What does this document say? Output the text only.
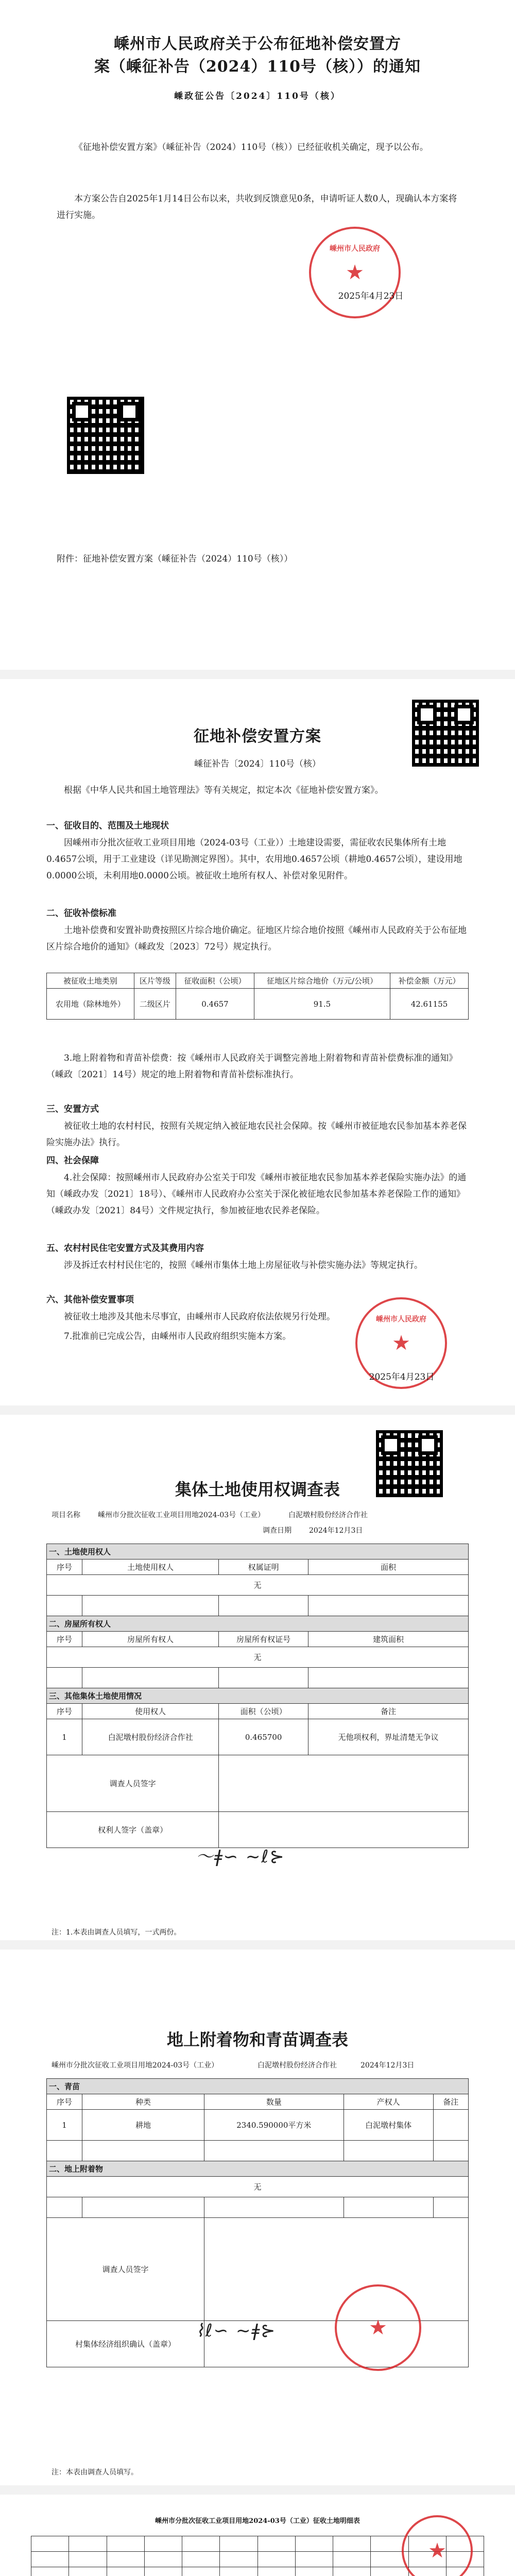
嵊州市人民政府关于公布征地补偿安置方
案（嵊征补告（2024）110号（核））的通知
嵊政征公告〔2024〕110号（核）
《征地补偿安置方案》（嵊征补告（2024）110号（核））已经征收机关确定，现予以公布。
本方案公告自2025年1月14日公布以来，共收到反馈意见0条，申请听证人数0人，现确认本方案将进行实施。
★
嵊州市人民政府
2025年4月23日
附件：征地补偿安置方案（嵊征补告（2024）110号（核））
征地补偿安置方案
嵊征补告〔2024〕110号（核）
根据《中华人民共和国土地管理法》等有关规定，拟定本次《征地补偿安置方案》。
一、征收目的、范围及土地现状
因嵊州市分批次征收工业项目用地（2024-03号（工业））土地建设需要，需征收农民集体所有土地0.4657公顷，用于工业建设（详见勘测定界图）。其中，农用地0.4657公顷（耕地0.4657公顷），建设用地0.0000公顷，未利用地0.0000公顷。被征收土地所有权人、补偿对象见附件。
二、征收补偿标准
土地补偿费和安置补助费按照区片综合地价确定。征地区片综合地价按照《嵊州市人民政府关于公布征地区片综合地价的通知》（嵊政发〔2023〕72号）规定执行。
被征收土地类别	区片等级	征收面积（公顷）	征地区片综合地价（万元/公顷）	补偿金额（万元）
农用地（除林地外）	二级区片	0.4657	91.5	42.61155
3.地上附着物和青苗补偿费：按《嵊州市人民政府关于调整完善地上附着物和青苗补偿费标准的通知》（嵊政〔2021〕14号）规定的地上附着物和青苗补偿标准执行。
三、安置方式
被征收土地的农村村民，按照有关规定纳入被征地农民社会保障。按《嵊州市被征地农民参加基本养老保险实施办法》执行。
四、社会保障
4.社会保障：按照嵊州市人民政府办公室关于印发《嵊州市被征地农民参加基本养老保险实施办法》的通知（嵊政办发〔2021〕18号）、《嵊州市人民政府办公室关于深化被征地农民参加基本养老保险工作的通知》（嵊政办发〔2021〕84号）文件规定执行，参加被征地农民养老保险。
五、农村村民住宅安置方式及其费用内容
涉及拆迁农村村民住宅的，按照《嵊州市集体土地上房屋征收与补偿实施办法》等规定执行。
六、其他补偿安置事项
被征收土地涉及其他未尽事宜，由嵊州市人民政府依法依规另行处理。
7.批准前已完成公告，由嵊州市人民政府组织实施本方案。	★
嵊州市人民政府
2025年4月23日
集体土地使用权调查表
项目名称 嵊州市分批次征收工业项目用地2024-03号（工业）	白泥墩村股份经济合作社
调查日期 2024年12月3日
一、土地使用权人			
序号	土地使用权人	权属证明	面积
无			

二、房屋所有权人			
序号	房屋所有权人	房屋所有权证号	建筑面积
无			

三、其他集体土地使用情况			
序号	使用权人	面积（公顷）	备注
1	白泥墩村股份经济合作社	0.465700	无他项权利，界址清楚无争议
调查人员签字			
权利人签字（盖章）			
〜ǂ∽ ~ℓ⊱
注：1.本表由调查人员填写，一式两份。
地上附着物和青苗调查表
嵊州市分批次征收工业项目用地2024-03号（工业）	白泥墩村股份经济合作社	2024年12月3日
一、青苗				
序号	种类	数量	产权人	备注
1	耕地	2340.590000平方米	白泥墩村集体	

二、地上附着物				
无				

调查人员签字				
村集体经济组织确认（盖章）				
⌇ℓ∽ ~ǂ⊱	★
注：本表由调查人员填写。
嵊州市分批次征收工业项目用地2024-03号（工业）征收土地明细表

★
